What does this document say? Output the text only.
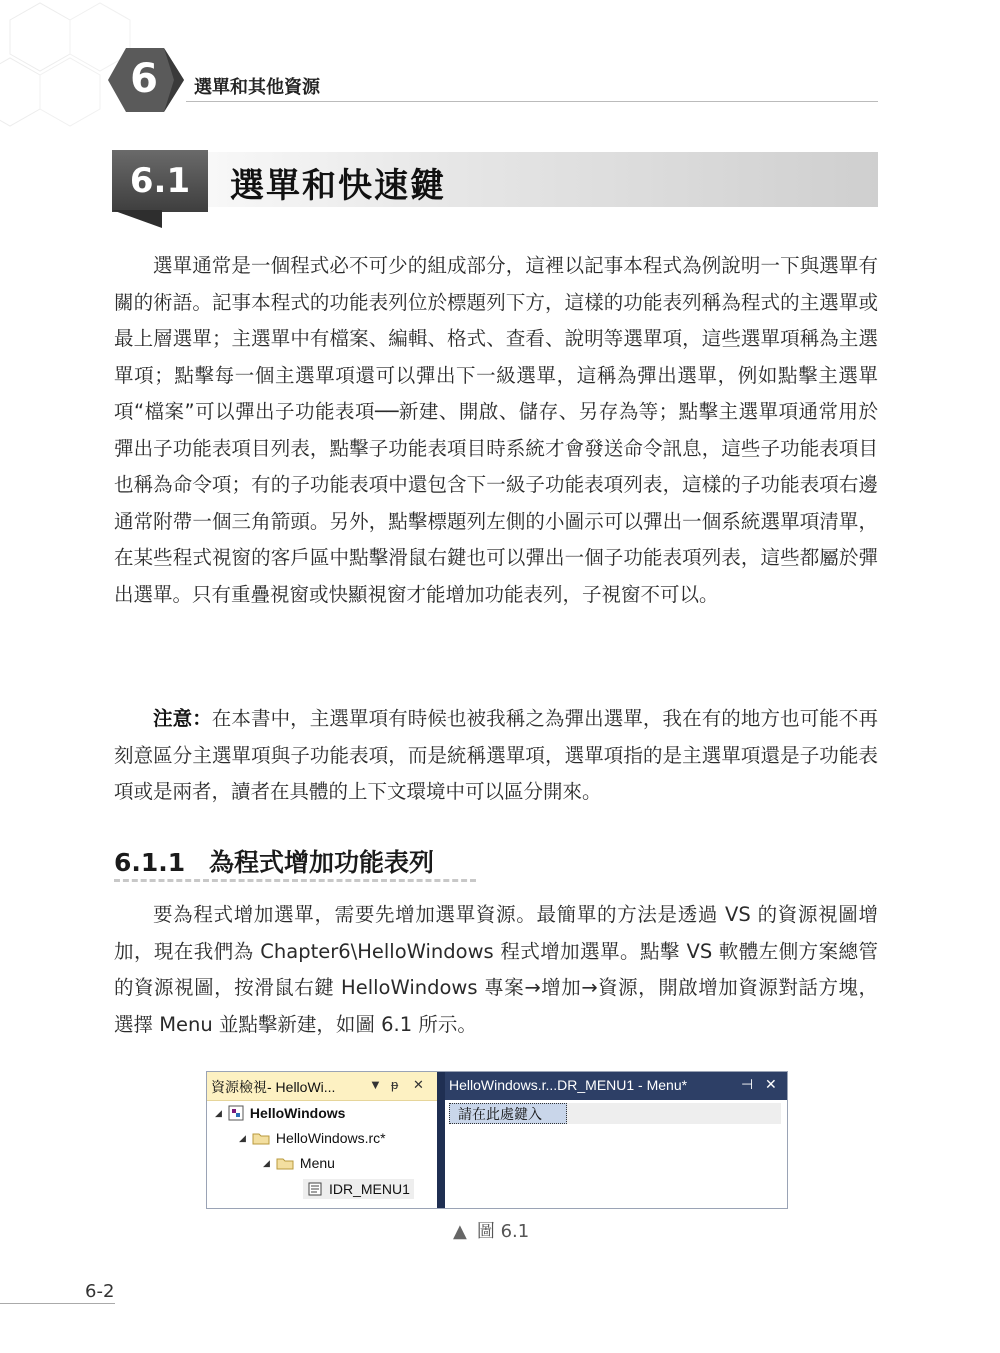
6	選單和其他資源
6.1	選單和快速鍵

選單通常是一個程式必不可少的組成部分，這裡以記事本程式為例說明一下與選單有關的術語。記事本程式的功能表列位於標題列下方，這樣的功能表列稱為程式的主選單或最上層選單；主選單中有檔案、編輯、格式、查看、說明等選單項，這些選單項稱為主選單項；點擊每一個主選單項還可以彈出下一級選單，這稱為彈出選單，例如點擊主選單項“檔案”可以彈出子功能表項──新建、開啟、儲存、另存為等；點擊主選單項通常用於彈出子功能表項目列表，點擊子功能表項目時系統才會發送命令訊息，這些子功能表項目也稱為命令項；有的子功能表項中還包含下一級子功能表項列表，這樣的子功能表項右邊通常附帶一個三角箭頭。另外，點擊標題列左側的小圖示可以彈出一個系統選單項清單，在某些程式視窗的客戶區中點擊滑鼠右鍵也可以彈出一個子功能表項列表，這些都屬於彈出選單。只有重疊視窗或快顯視窗才能增加功能表列，子視窗不可以。

注意：在本書中，主選單項有時候也被我稱之為彈出選單，我在有的地方也可能不再刻意區分主選單項與子功能表項，而是統稱選單項，選單項指的是主選單項還是子功能表項或是兩者，讀者在具體的上下文環境中可以區分開來。

6.1.1 為程式增加功能表列

要為程式增加選單，需要先增加選單資源。最簡單的方法是透過 VS 的資源視圖增加，現在我們為 Chapter6\HelloWindows 程式增加選單。點擊 VS 軟體左側方案總管的資源視圖，按滑鼠右鍵 HelloWindows 專案→增加→資源，開啟增加資源對話方塊，選擇 Menu 並點擊新建，如圖 6.1 所示。

資源檢視- HelloWi...	▼ ᵽ ✕
◢ HelloWindows
◢ HelloWindows.rc*
◢ Menu
IDR_MENU1
HelloWindows.r...DR_MENU1 - Menu*	⊣ ✕
請在此處鍵入
▲ 圖 6.1
6-2
